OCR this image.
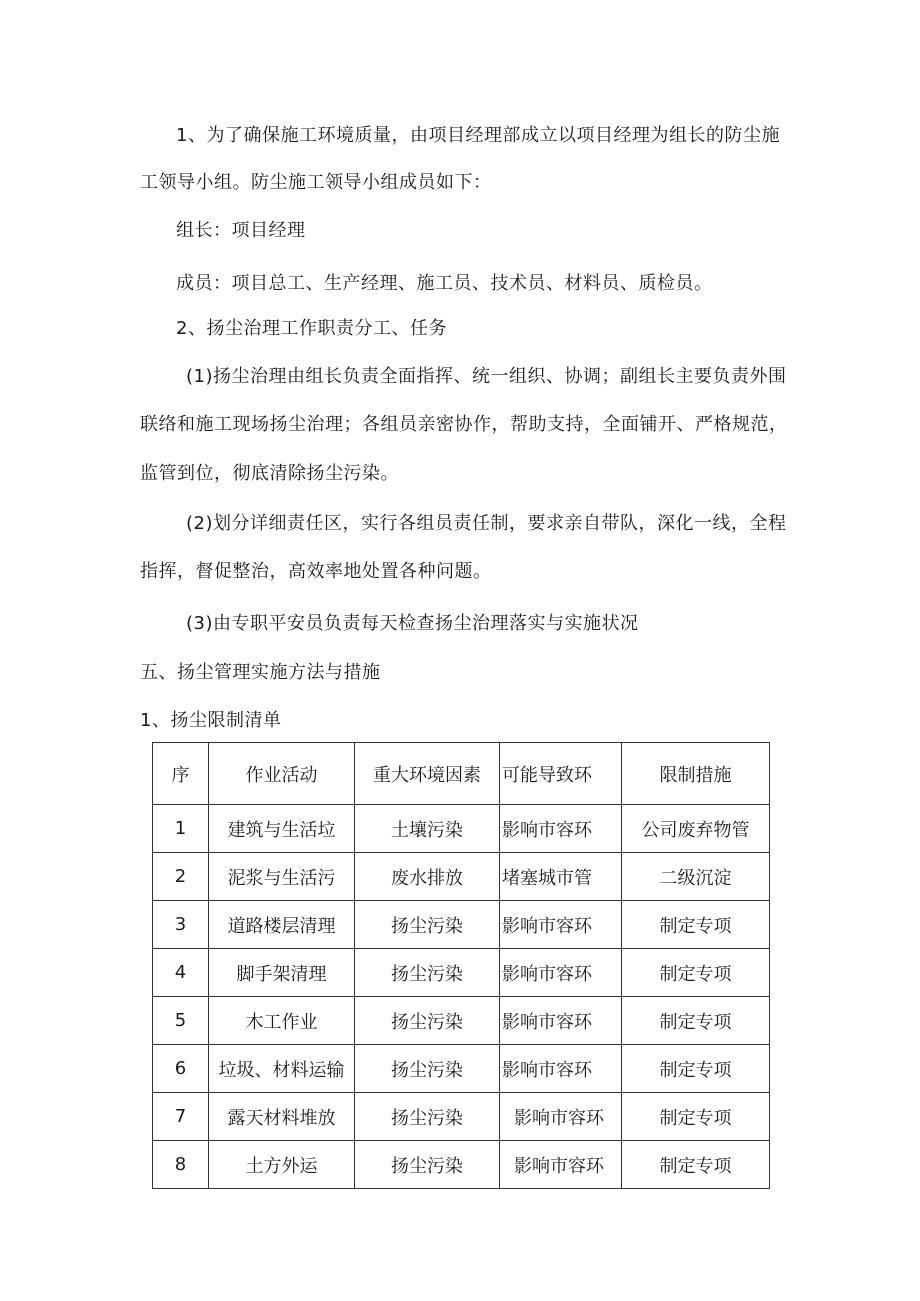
1、为了确保施工环境质量，由项目经理部成立以项目经理为组长的防尘施
工领导小组。防尘施工领导小组成员如下：
组长：项目经理
成员：项目总工、生产经理、施工员、技术员、材料员、质检员。
2、扬尘治理工作职责分工、任务
(1)扬尘治理由组长负责全面指挥、统一组织、协调；副组长主要负责外围
联络和施工现场扬尘治理；各组员亲密协作，帮助支持，全面铺开、严格规范，
监管到位，彻底清除扬尘污染。
(2)划分详细责任区，实行各组员责任制，要求亲自带队，深化一线，全程
指挥，督促整治，高效率地处置各种问题。
(3)由专职平安员负责每天检查扬尘治理落实与实施状况
五、扬尘管理实施方法与措施
1、扬尘限制清单
序	作业活动	重大环境因素	可能导致环	限制措施
1	建筑与生活垃	土壤污染	影响市容环	公司废弃物管
2	泥浆与生活污	废水排放	堵塞城市管	二级沉淀
3	道路楼层清理	扬尘污染	影响市容环	制定专项
4	脚手架清理	扬尘污染	影响市容环	制定专项
5	木工作业	扬尘污染	影响市容环	制定专项
6	垃圾、材料运输	扬尘污染	影响市容环	制定专项
7	露天材料堆放	扬尘污染	影响市容环	制定专项
8	土方外运	扬尘污染	影响市容环	制定专项
